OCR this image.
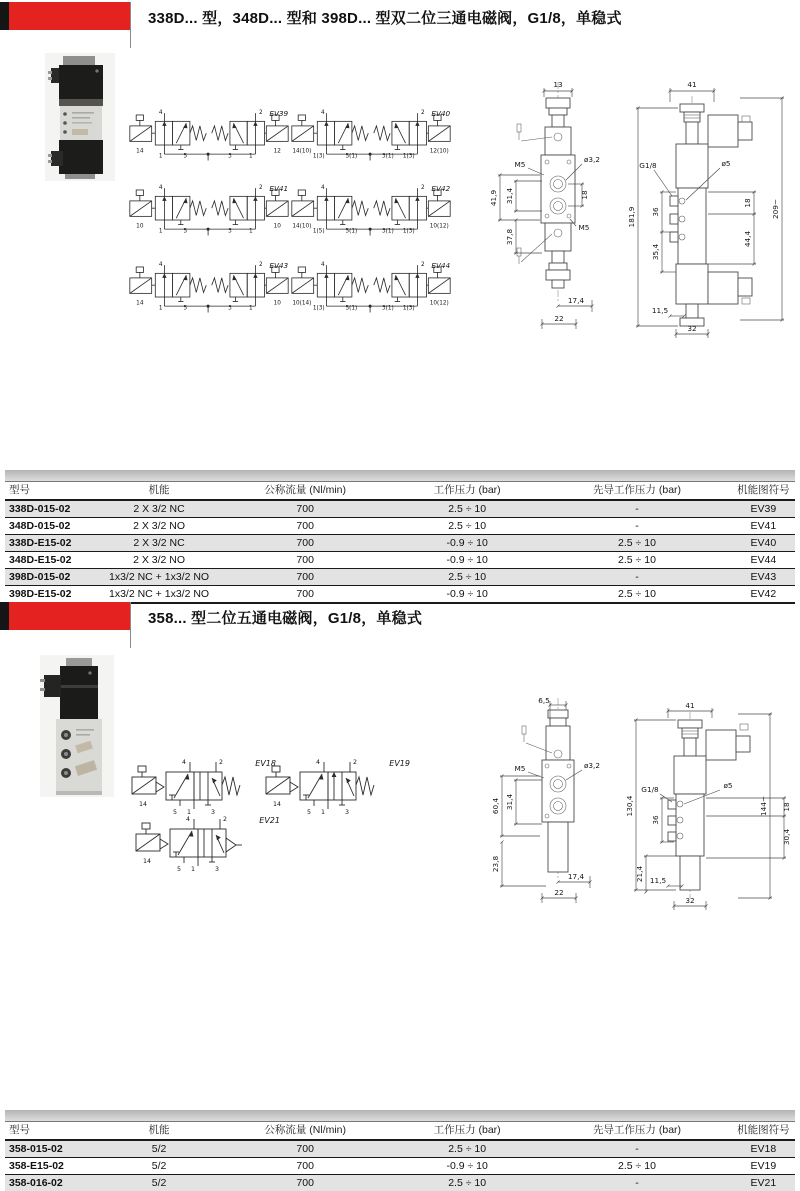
338D... 型，348D... 型和 398D... 型双二位三通电磁阀，G1/8，单稳式
4	2
14
1	5	3	1
12
EV39	4	2
14(10)
1(3)	5(1)	3(1) 1(3)
12(10)
EV40
4	2
10
1	5	3	1
10
EV41	4	2
14(10)
1(5)	5(1)	3(1) 1(3)
10(12)
EV42
4	2
14
1	5	3	1
10
EV43	4	2
10(14)
1(3)	5(1)	3(1) 1(3)
10(12)
EV44
13
M5
ø3,2
41,9 31,4	18
37,8
M5
17,4
22
41
G1/8	ø5
181,9 36
35,4
18
44,4
209~
11,5
32
型号	机能	公称流量 (Nl/min)	工作压力 (bar)	先导工作压力 (bar)	机能图符号
338D-015-02	2 X 3/2 NC	700	2.5 ÷ 10	-	EV39
348D-015-02	2 X 3/2 NO	700	2.5 ÷ 10	-	EV41
338D-E15-02	2 X 3/2 NC	700	-0.9 ÷ 10	2.5 ÷ 10	EV40
348D-E15-02	2 X 3/2 NO	700	-0.9 ÷ 10	2.5 ÷ 10	EV44
398D-015-02	1x3/2 NC + 1x3/2 NO	700	2.5 ÷ 10	-	EV43
398D-E15-02	1x3/2 NC + 1x3/2 NO	700	-0.9 ÷ 10	2.5 ÷ 10	EV42
358... 型二位五通电磁阀，G1/8，单稳式
4	2
14
5 1	3
EV18	4	2
14
5 1	3
EV19
4	2
14
5 1	3
EV21
6,5
M5	ø3,2
60,4 31,4
23,8
17,4
22
41
G1/8	ø5
130,4
36
21,4
18
30,4
144~
11,5
32
型号	机能	公称流量 (Nl/min)	工作压力 (bar)	先导工作压力 (bar)	机能图符号
358-015-02	5/2	700	2.5 ÷ 10	-	EV18
358-E15-02	5/2	700	-0.9 ÷ 10	2.5 ÷ 10	EV19
358-016-02	5/2	700	2.5 ÷ 10	-	EV21
